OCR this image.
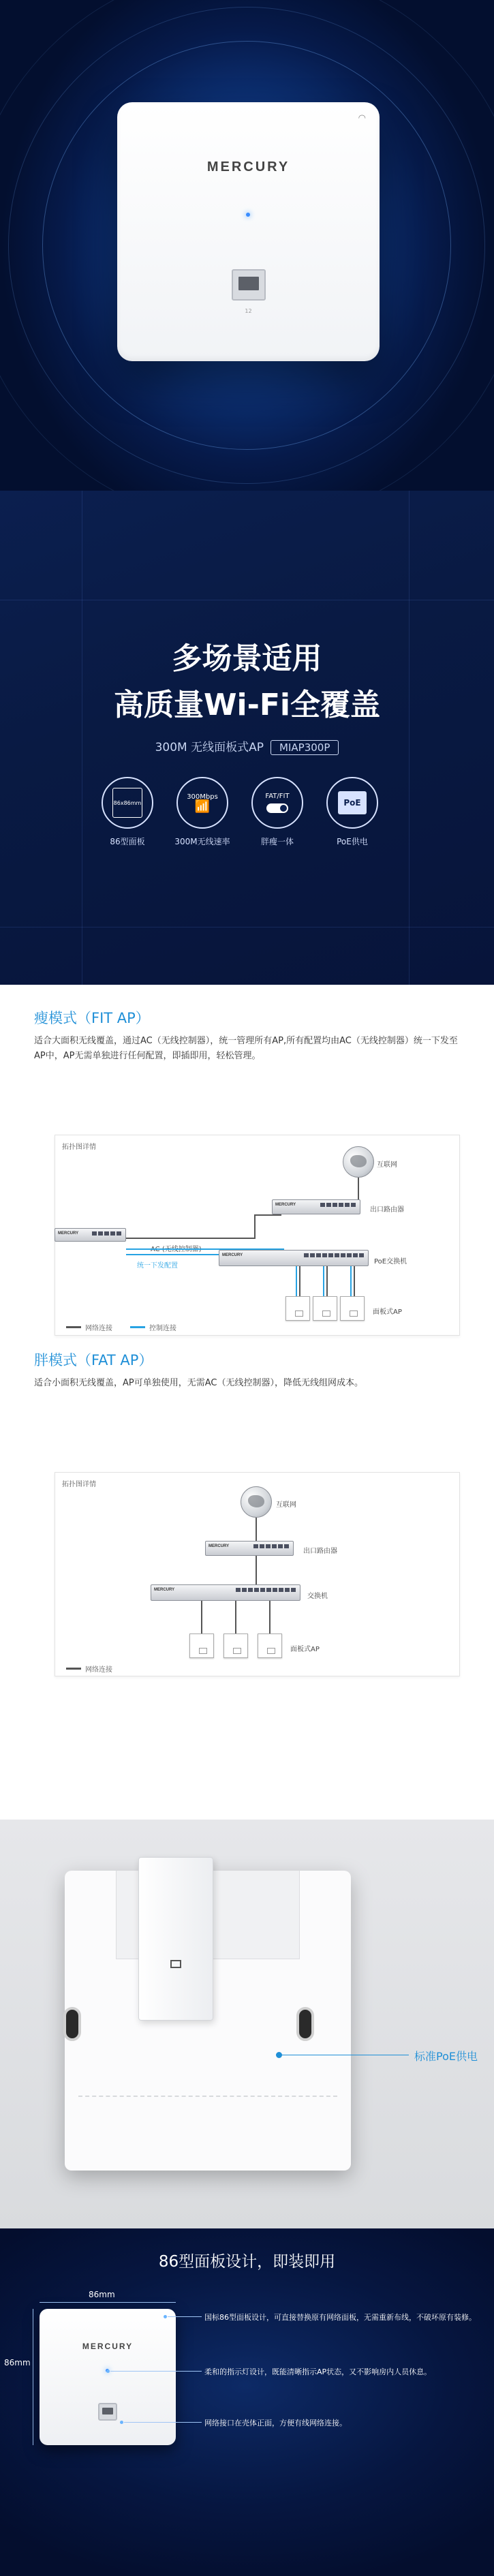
◠
MERCURY
12
多场景适用
高质量Wi-Fi全覆盖
300M 无线面板式AP MIAP300P
86x86mm
86型面板
300Mbps
📶
300M无线速率
FAT/FIT
胖瘦一体
PoE
PoE供电
瘦模式（FIT AP）
适合大面积无线覆盖，通过AC（无线控制器），统一管理所有AP,所有配置均由AC（无线控制器）统一下发至AP中，AP无需单独进行任何配置，即插即用，轻松管理。
拓扑图详情
互联网
MERCURY
出口路由器
MERCURY
统一下发配置
MERCURY
PoE交换机
面板式AP
网络连接	控制连接
胖模式（FAT AP）
适合小面积无线覆盖，AP可单独使用，无需AC（无线控制器），降低无线组网成本。
拓扑图详情
互联网
MERCURY
出口路由器
MERCURY
交换机
面板式AP
网络连接
标准PoE供电
86型面板设计，即装即用
86mm
86mm
MERCURY
国标86型面板设计，可直接替换原有网络面板，无需重新布线，不破坏原有装修。
柔和的指示灯设计，既能清晰指示AP状态，又不影响房内人员休息。
网络接口在壳体正面，方便有线网络连接。
